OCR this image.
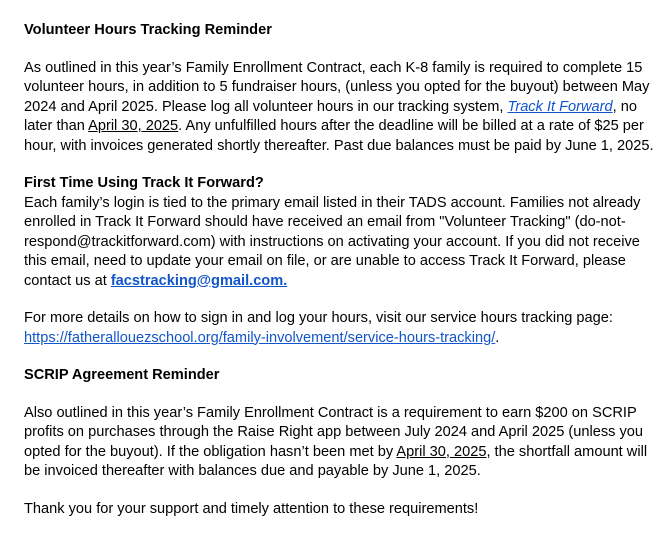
Volunteer Hours Tracking Reminder

As outlined in this year’s Family Enrollment Contract, each K-8 family is required to complete 15 volunteer hours, in addition to 5 fundraiser hours, (unless you opted for the buyout) between May 2024 and April 2025. Please log all volunteer hours in our tracking system, Track It Forward, no later than April 30, 2025. Any unfulfilled hours after the deadline will be billed at a rate of $25 per hour, with invoices generated shortly thereafter. Past due balances must be paid by June 1, 2025.

First Time Using Track It Forward?

Each family’s login is tied to the primary email listed in their TADS account. Families not already enrolled in Track It Forward should have received an email from "Volunteer Tracking" (do-not-respond@trackitforward.com) with instructions on activating your account. If you did not receive this email, need to update your email on file, or are unable to access Track It Forward, please contact us at facstracking@gmail.com.

For more details on how to sign in and log your hours, visit our service hours tracking page: https://fatherallouezschool.org/family-involvement/service-hours-tracking/.

SCRIP Agreement Reminder

Also outlined in this year’s Family Enrollment Contract is a requirement to earn $200 on SCRIP profits on purchases through the Raise Right app between July 2024 and April 2025 (unless you opted for the buyout). If the obligation hasn’t been met by April 30, 2025, the shortfall amount will be invoiced thereafter with balances due and payable by June 1, 2025.

Thank you for your support and timely attention to these requirements!
